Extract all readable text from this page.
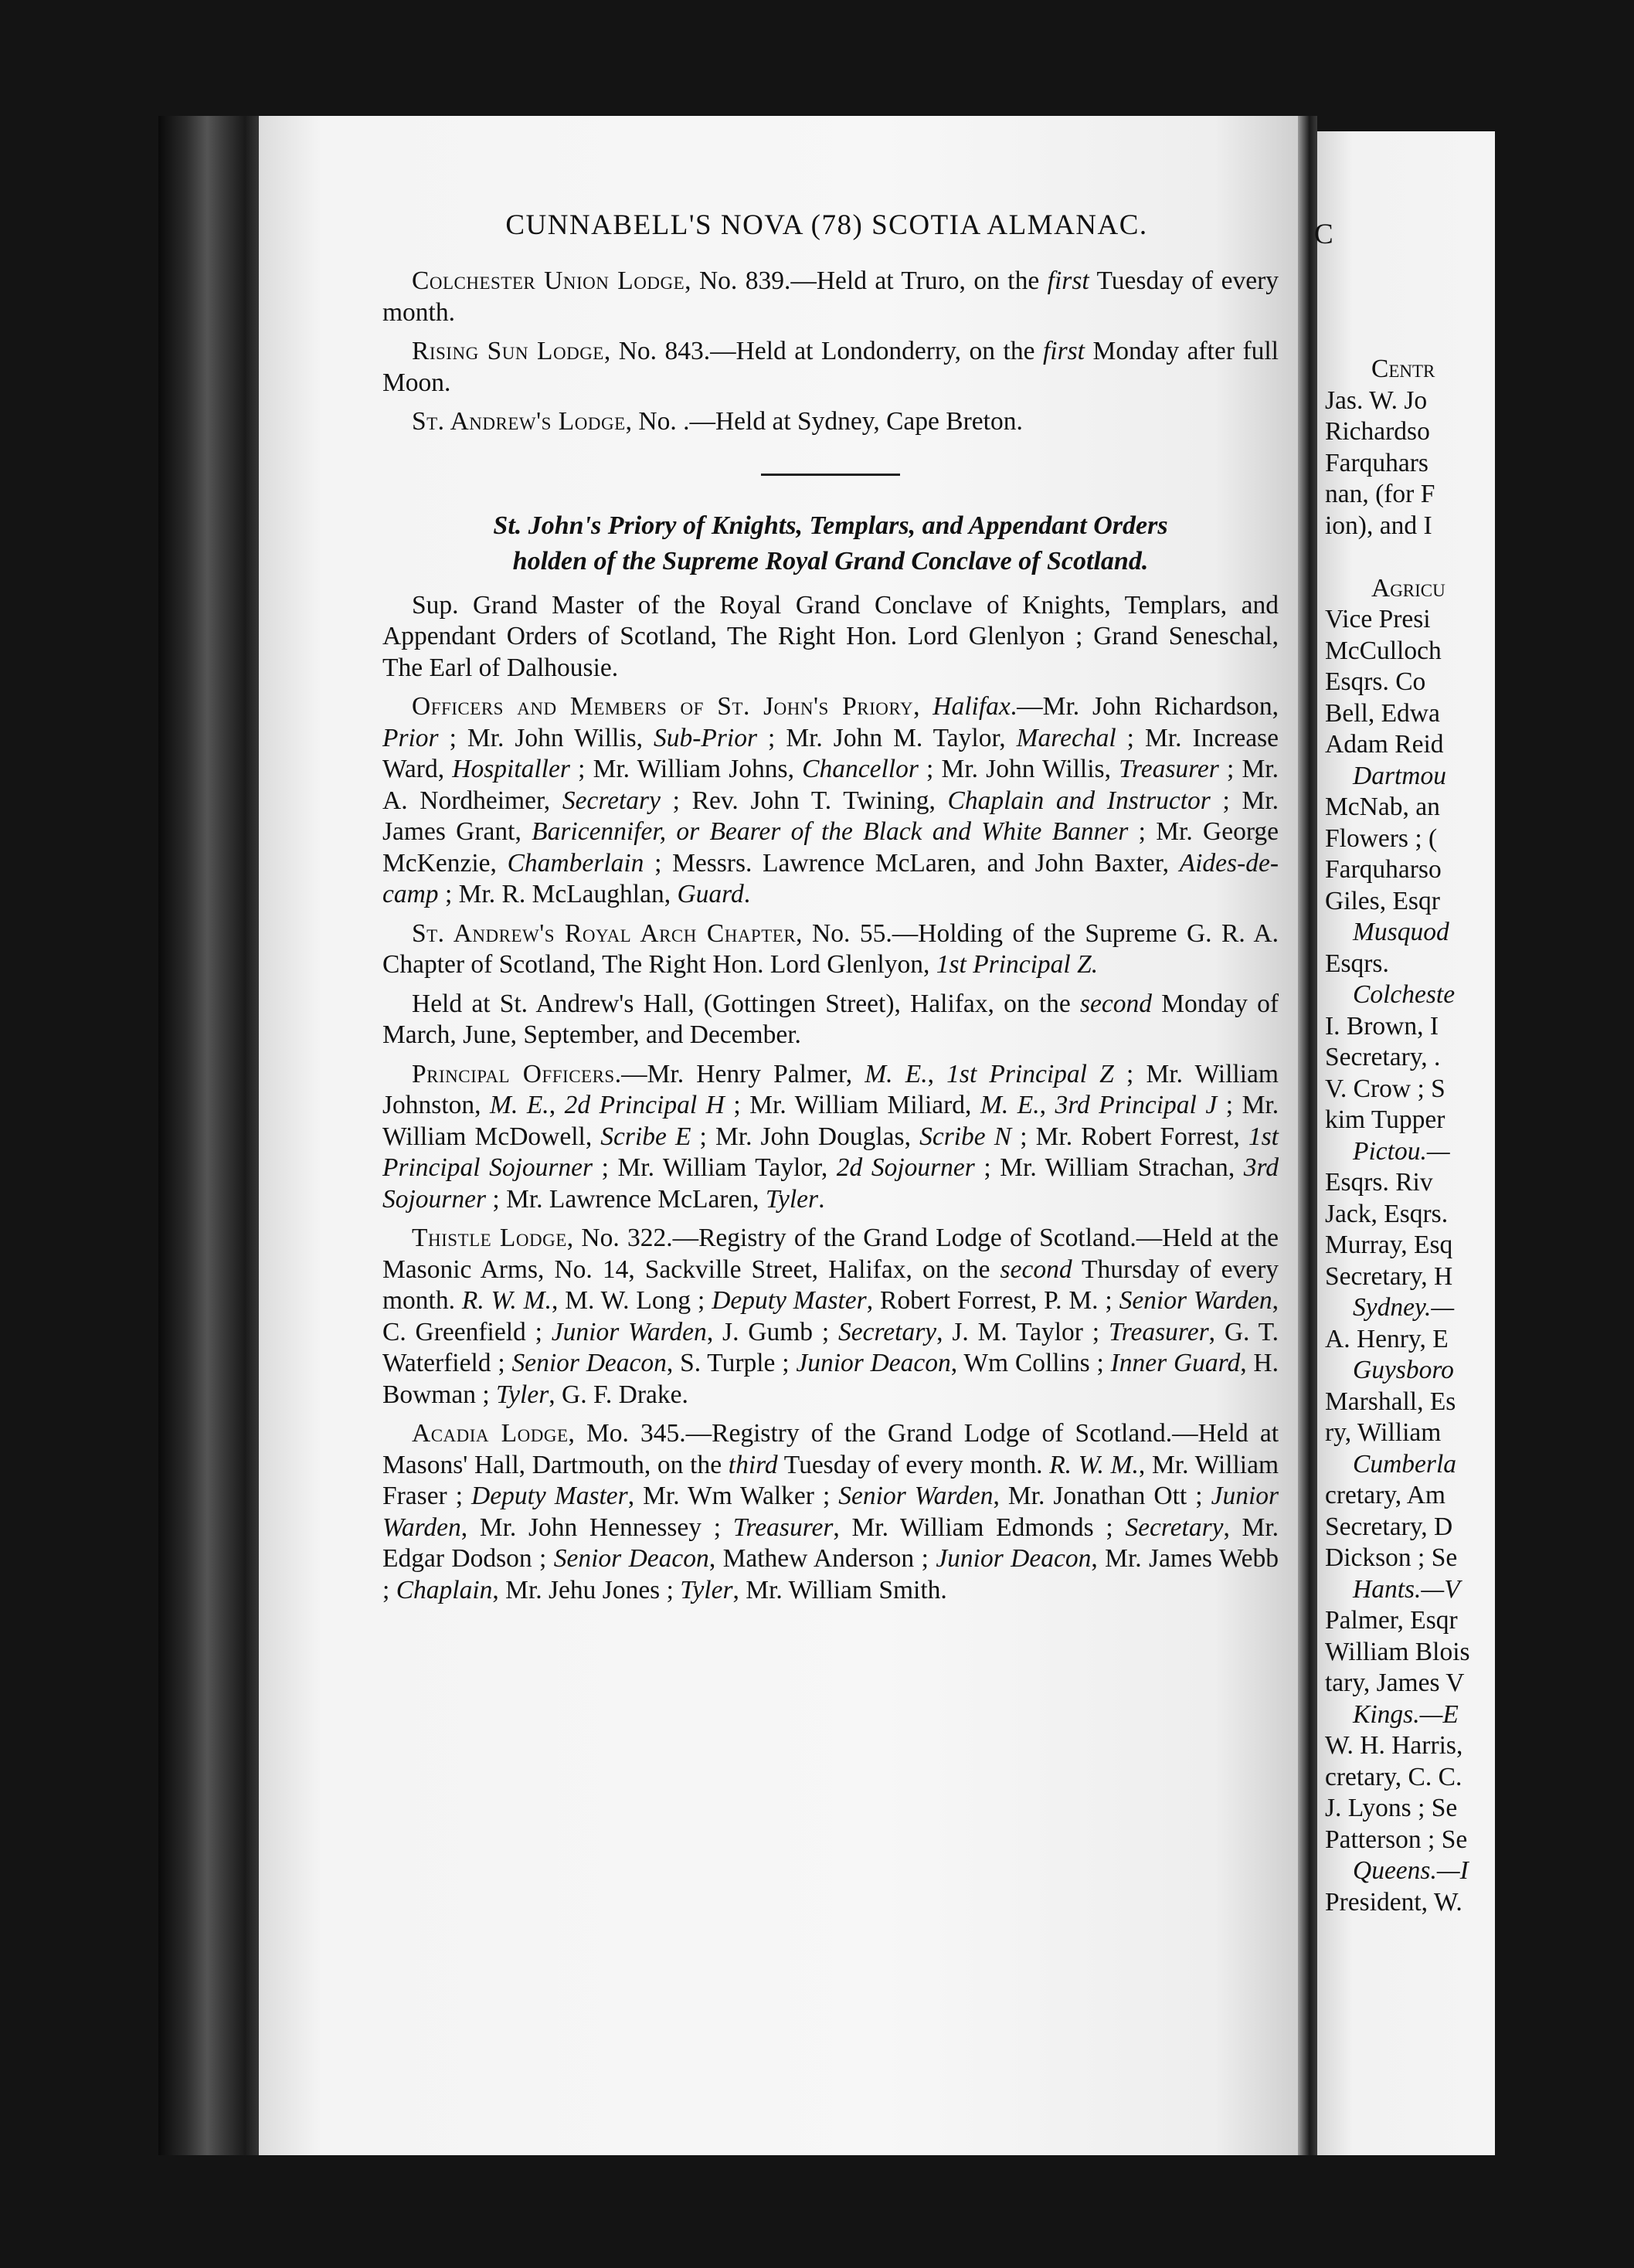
CUNNABELL'S NOVA (78) SCOTIA ALMANAC.

Colchester Union Lodge, No. 839.—Held at Truro, on the first Tuesday of every month.

Rising Sun Lodge, No. 843.—Held at Londonderry, on the first Monday after full Moon.

St. Andrew's Lodge, No. .—Held at Sydney, Cape Breton.

St. John's Priory of Knights, Templars, and Appendant Orders
holden of the Supreme Royal Grand Conclave of Scotland.

Sup. Grand Master of the Royal Grand Conclave of Knights, Templars, and Appendant Orders of Scotland, The Right Hon. Lord Glenlyon ; Grand Seneschal, The Earl of Dalhousie.

Officers and Members of St. John's Priory, Halifax.—Mr. John Richardson, Prior ; Mr. John Willis, Sub-Prior ; Mr. John M. Taylor, Marechal ; Mr. Increase Ward, Hospitaller ; Mr. William Johns, Chancellor ; Mr. John Willis, Treasurer ; Mr. A. Nordheimer, Secretary ; Rev. John T. Twining, Chaplain and Instructor ; Mr. James Grant, Baricennifer, or Bearer of the Black and White Banner ; Mr. George McKenzie, Chamberlain ; Messrs. Lawrence McLaren, and John Baxter, Aides-de-camp ; Mr. R. McLaughlan, Guard.

St. Andrew's Royal Arch Chapter, No. 55.—Holding of the Supreme G. R. A. Chapter of Scotland, The Right Hon. Lord Glenlyon, 1st Principal Z.

Held at St. Andrew's Hall, (Gottingen Street), Halifax, on the second Monday of March, June, September, and December.

Principal Officers.—Mr. Henry Palmer, M. E., 1st Principal Z ; Mr. William Johnston, M. E., 2d Principal H ; Mr. William Miliard, M. E., 3rd Principal J ; Mr. William McDowell, Scribe E ; Mr. John Douglas, Scribe N ; Mr. Robert Forrest, 1st Principal Sojourner ; Mr. William Taylor, 2d Sojourner ; Mr. William Strachan, 3rd Sojourner ; Mr. Lawrence McLaren, Tyler.

Thistle Lodge, No. 322.—Registry of the Grand Lodge of Scotland.—Held at the Masonic Arms, No. 14, Sackville Street, Halifax, on the second Thursday of every month. R. W. M., M. W. Long ; Deputy Master, Robert Forrest, P. M. ; Senior Warden, C. Greenfield ; Junior Warden, J. Gumb ; Secretary, J. M. Taylor ; Treasurer, G. T. Waterfield ; Senior Deacon, S. Turple ; Junior Deacon, Wm Collins ; Inner Guard, H. Bowman ; Tyler, G. F. Drake.

Acadia Lodge, Mo. 345.—Registry of the Grand Lodge of Scotland.—Held at Masons' Hall, Dartmouth, on the third Tuesday of every month. R. W. M., Mr. William Fraser ; Deputy Master, Mr. Wm Walker ; Senior Warden, Mr. Jonathan Ott ; Junior Warden, Mr. John Hennessey ; Treasurer, Mr. William Edmonds ; Secretary, Mr. Edgar Dodson ; Senior Deacon, Mathew Anderson ; Junior Deacon, Mr. James Webb ; Chaplain, Mr. Jehu Jones ; Tyler, Mr. William Smith.

C
Centr
Jas. W. Jo
Richardso
Farquhars
nan, (for F
ion), and I
Agricu
Vice Presi
McCulloch
Esqrs. Co
Bell, Edwa
Adam Reid
Dartmou
McNab, an
Flowers ; (
Farquharso
Giles, Esqr
Musquod
Esqrs.
Colcheste
I. Brown, I
Secretary, .
V. Crow ; S
kim Tupper
Pictou.—
Esqrs. Riv
Jack, Esqrs.
Murray, Esq
Secretary, H
Sydney.—
A. Henry, E
Guysboro
Marshall, Es
ry, William
Cumberla
cretary, Am
Secretary, D
Dickson ; Se
Hants.—V
Palmer, Esqr
William Blois
tary, James V
Kings.—E
W. H. Harris,
cretary, C. C.
J. Lyons ; Se
Patterson ; Se
Queens.—I
President, W.
